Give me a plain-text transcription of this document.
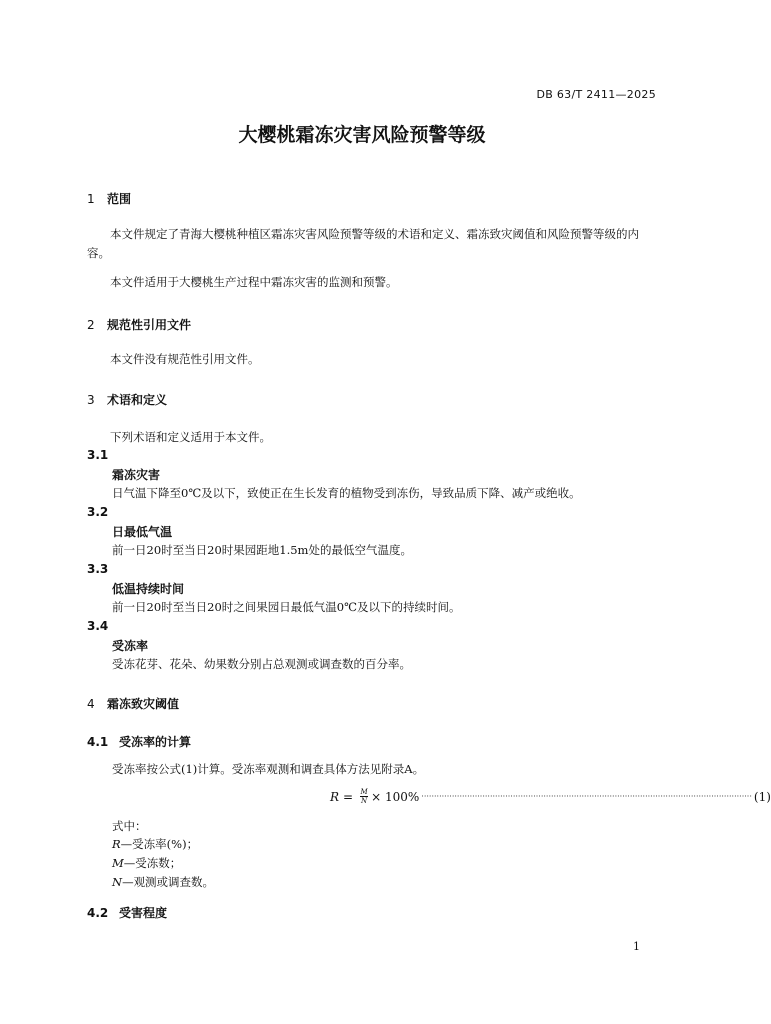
DB 63/T 2411—2025
大樱桃霜冻灾害风险预警等级
1 范围
本文件规定了青海大樱桃种植区霜冻灾害风险预警等级的术语和定义、霜冻致灾阈值和风险预警等级的内容。
本文件适用于大樱桃生产过程中霜冻灾害的监测和预警。
2 规范性引用文件
本文件没有规范性引用文件。
3 术语和定义
下列术语和定义适用于本文件。
3.1
霜冻灾害
日气温下降至0℃及以下，致使正在生长发育的植物受到冻伤，导致品质下降、减产或绝收。
3.2
日最低气温
前一日20时至当日20时果园距地1.5m处的最低空气温度。
3.3
低温持续时间
前一日20时至当日20时之间果园日最低气温0℃及以下的持续时间。
3.4
受冻率
受冻花芽、花朵、幼果数分别占总观测或调查数的百分率。
4 霜冻致灾阈值
4.1 受冻率的计算
受冻率按公式(1)计算。受冻率观测和调查具体方法见附录A。
$R = \frac{M}{N} \times 100\%$ ·································································································································· (1)
式中：
R—受冻率(%)；
M—受冻数；
N—观测或调查数。
4.2 受害程度
1
